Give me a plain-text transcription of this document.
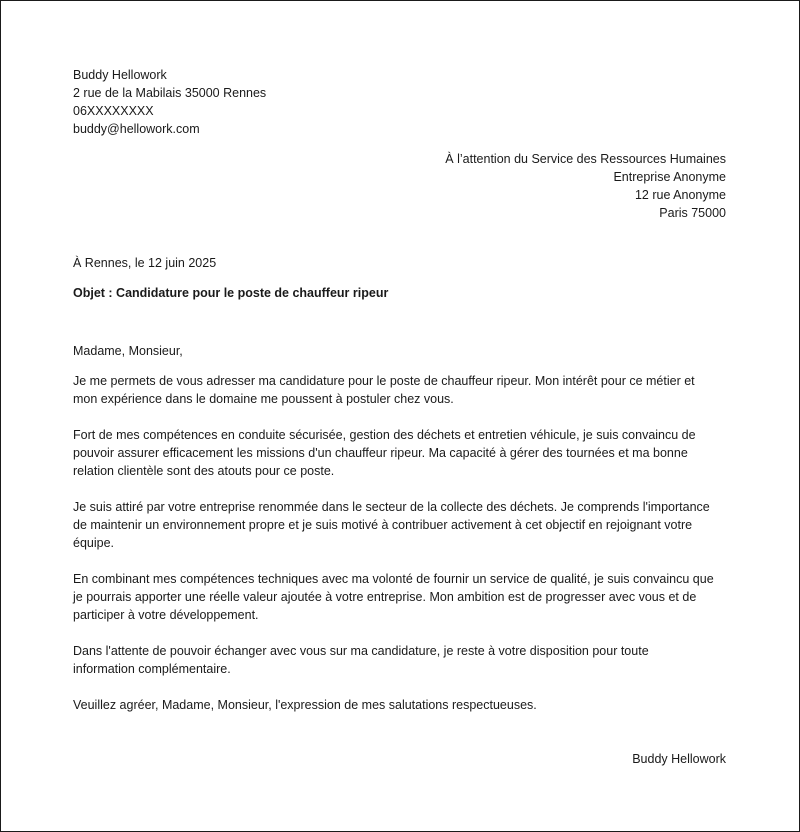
Buddy Hellowork
2 rue de la Mabilais 35000 Rennes
06XXXXXXXX
buddy@hellowork.com
À l’attention du Service des Ressources Humaines
Entreprise Anonyme
12 rue Anonyme
Paris 75000
À Rennes, le 12 juin 2025
Objet : Candidature pour le poste de chauffeur ripeur
Madame, Monsieur,
Je me permets de vous adresser ma candidature pour le poste de chauffeur ripeur. Mon intérêt pour ce métier et
mon expérience dans le domaine me poussent à postuler chez vous.
Fort de mes compétences en conduite sécurisée, gestion des déchets et entretien véhicule, je suis convaincu de
pouvoir assurer efficacement les missions d'un chauffeur ripeur. Ma capacité à gérer des tournées et ma bonne
relation clientèle sont des atouts pour ce poste.
Je suis attiré par votre entreprise renommée dans le secteur de la collecte des déchets. Je comprends l'importance
de maintenir un environnement propre et je suis motivé à contribuer activement à cet objectif en rejoignant votre
équipe.
En combinant mes compétences techniques avec ma volonté de fournir un service de qualité, je suis convaincu que
je pourrais apporter une réelle valeur ajoutée à votre entreprise. Mon ambition est de progresser avec vous et de
participer à votre développement.
Dans l'attente de pouvoir échanger avec vous sur ma candidature, je reste à votre disposition pour toute
information complémentaire.
Veuillez agréer, Madame, Monsieur, l'expression de mes salutations respectueuses.
Buddy Hellowork
